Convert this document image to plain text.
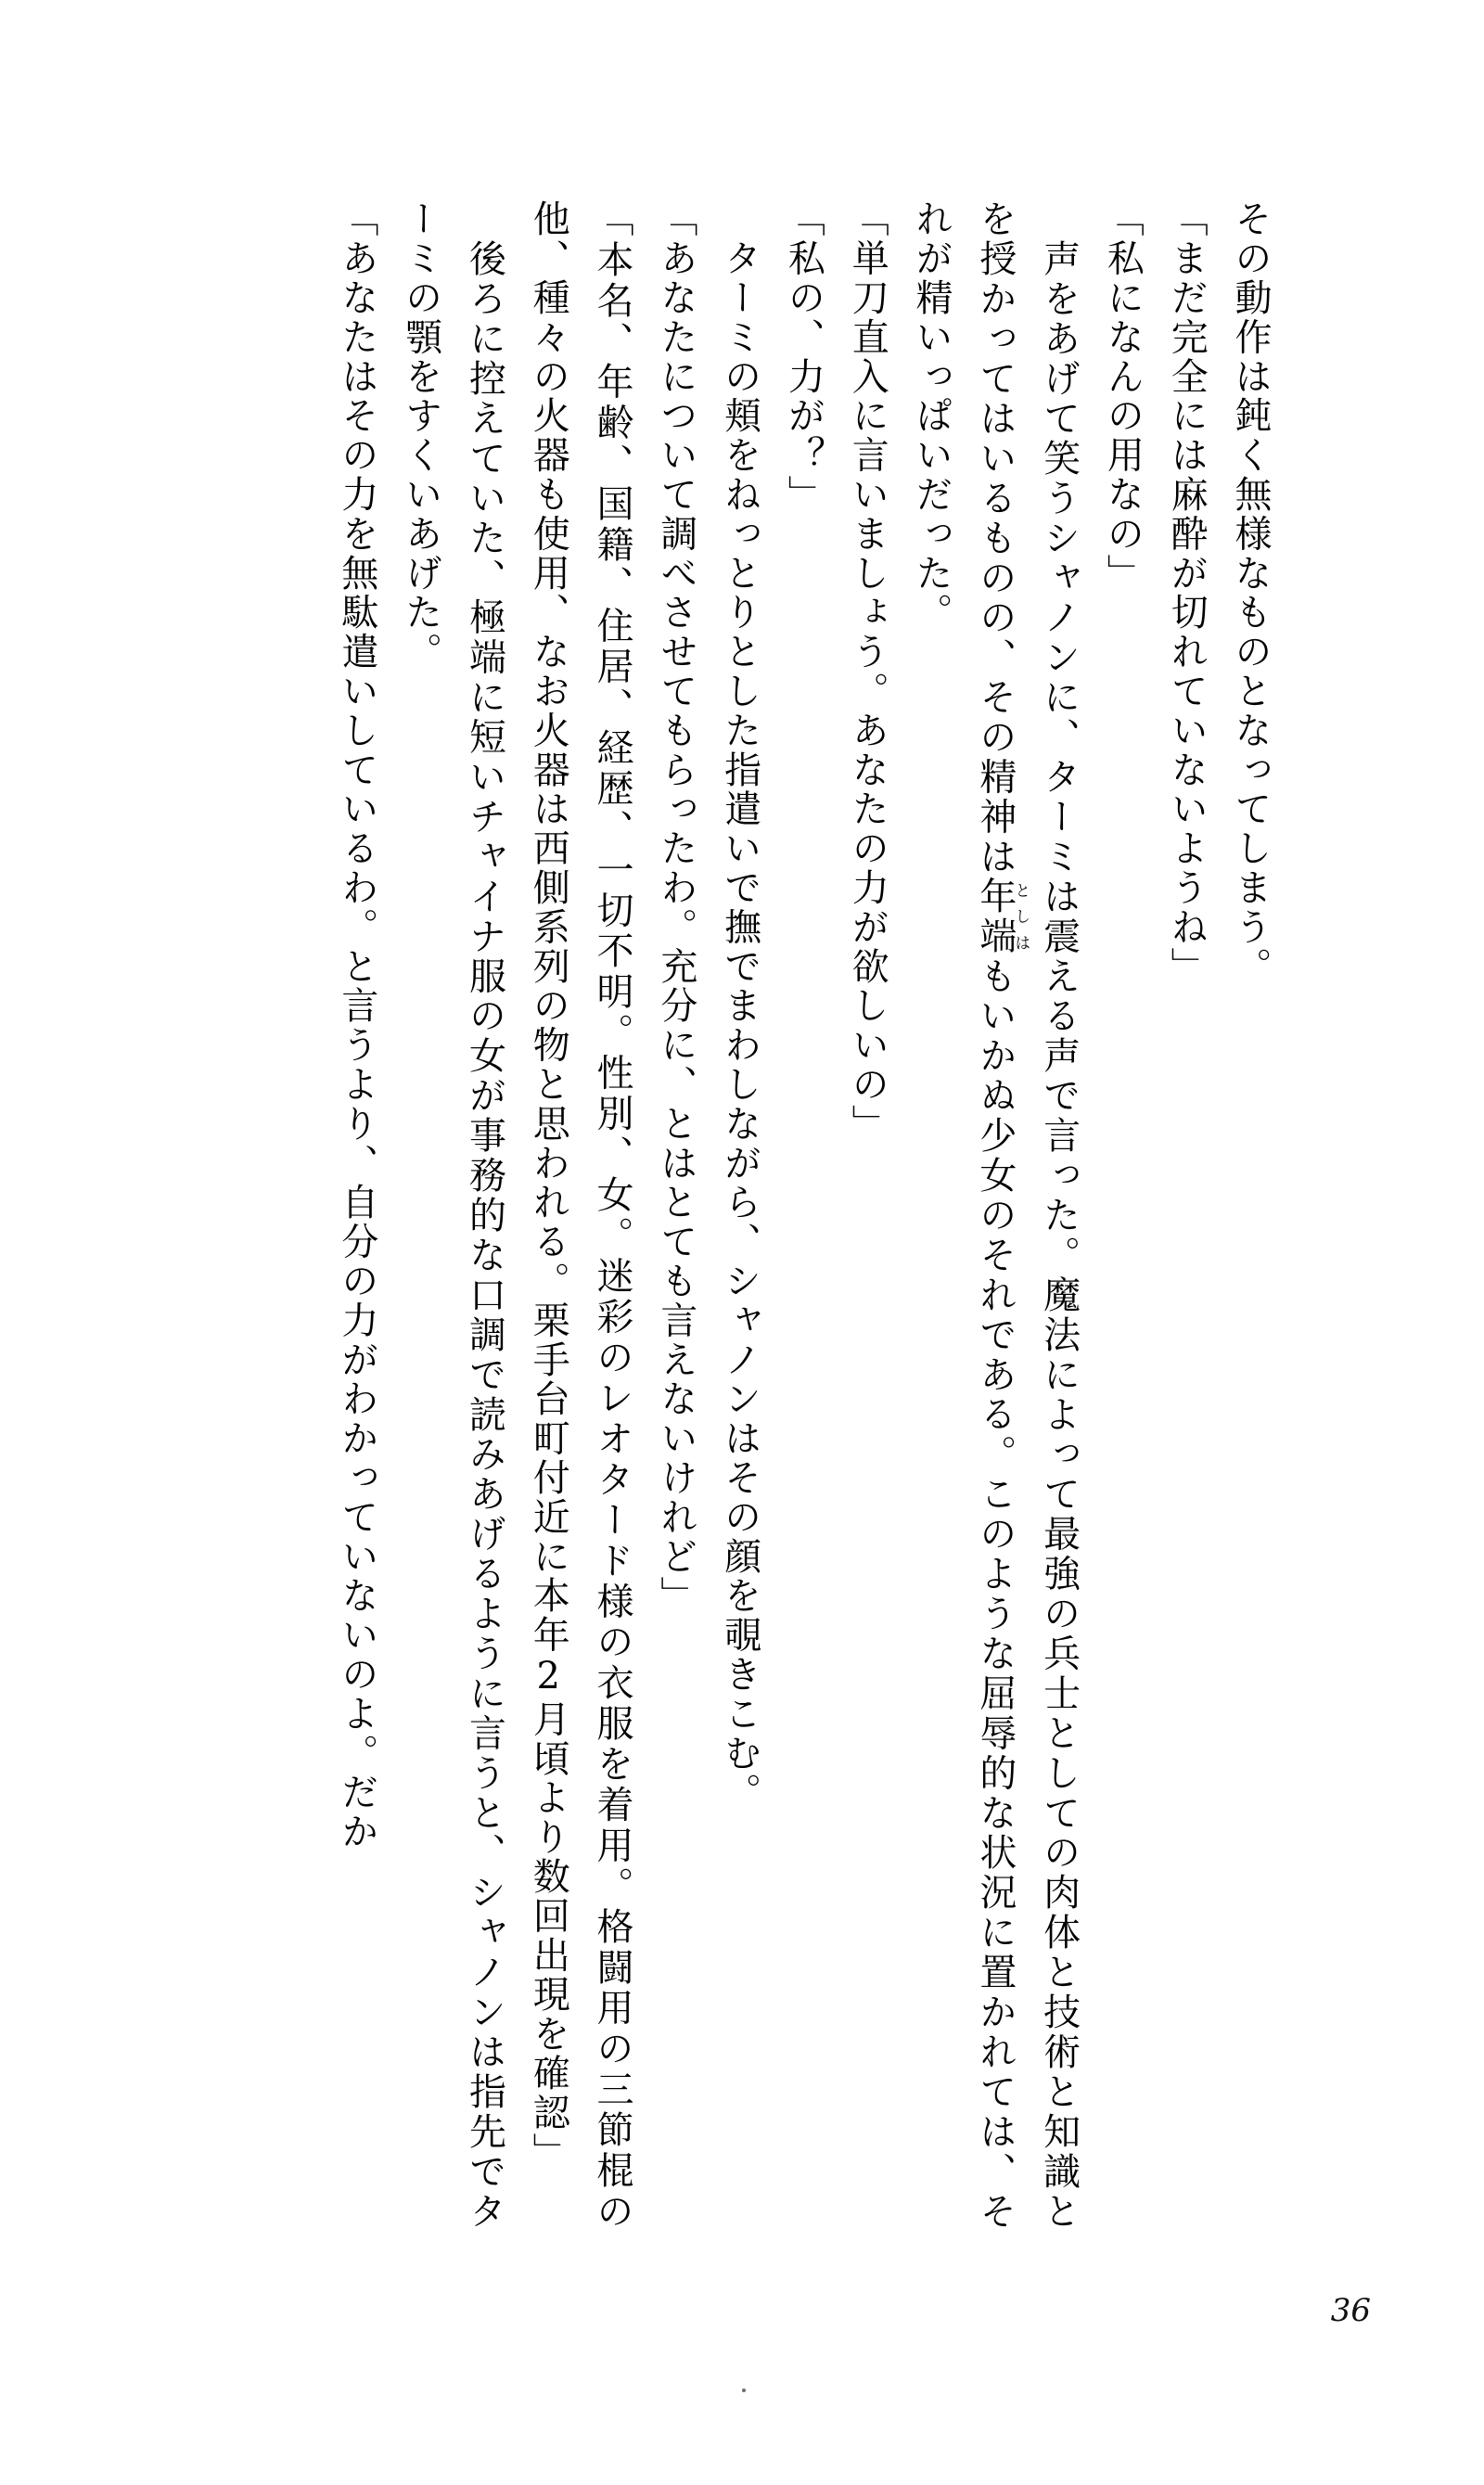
その動作は鈍く無様なものとなってしまう。

「まだ完全には麻酔が切れていないようね」

「私になんの用なの」

　声をあげて笑うシャノンに、ターミは震える声で言った。魔法によって最強の兵士としての肉体と技術と知識とを授かってはいるものの、その精神は年端としはもいかぬ少女のそれである。このような屈辱的な状況に置かれては、それが精いっぱいだった。

「単刀直入に言いましょう。あなたの力が欲しいの」

「私の、力が？」

　ターミの頬をねっとりとした指遣いで撫でまわしながら、シャノンはその顔を覗きこむ。

「あなたについて調べさせてもらったわ。充分に、とはとても言えないけれど」

「本名、年齢、国籍、住居、経歴、一切不明。性別、女。迷彩のレオタード様の衣服を着用。格闘用の三節棍の他、種々の火器も使用、なお火器は西側系列の物と思われる。栗手台町付近に本年2月頃より数回出現を確認」

　後ろに控えていた、極端に短いチャイナ服の女が事務的な口調で読みあげるように言うと、シャノンは指先でターミの顎をすくいあげた。

「あなたはその力を無駄遣いしているわ。と言うより、自分の力がわかっていないのよ。だか

36
